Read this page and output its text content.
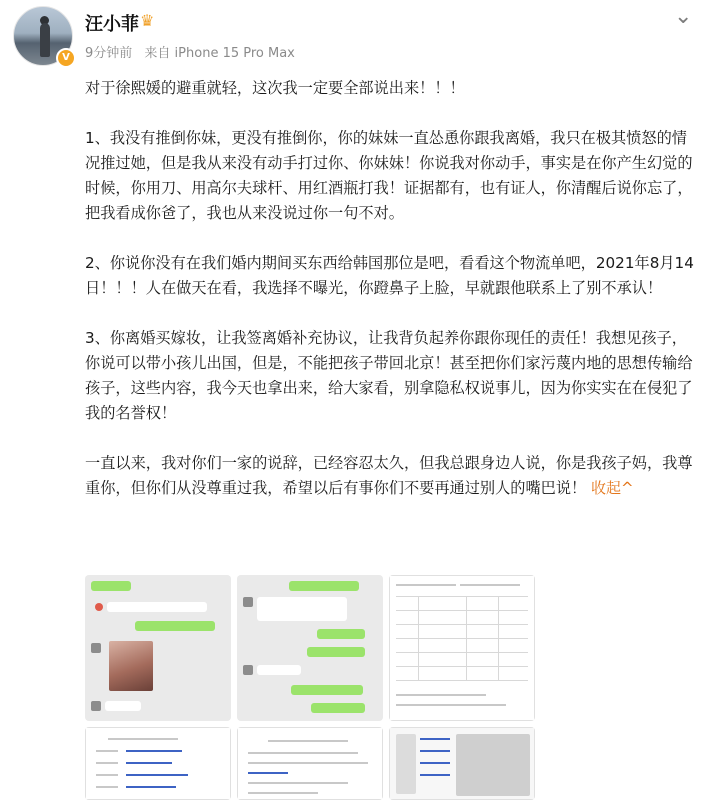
V
汪小菲 ♛
9分钟前 来自 iPhone 15 Pro Max
⌄

对于徐熙媛的避重就轻，这次我一定要全部说出来！！！

1、我没有推倒你妹，更没有推倒你，你的妹妹一直怂恿你跟我离婚，我只在极其愤怒的情况推过她，但是我从来没有动手打过你、你妹妹！你说我对你动手，事实是在你产生幻觉的时候，你用刀、用高尔夫球杆、用红酒瓶打我！证据都有，也有证人，你清醒后说你忘了，把我看成你爸了，我也从来没说过你一句不对。

2、你说你没有在我们婚内期间买东西给韩国那位是吧，看看这个物流单吧，2021年8月14日！！！人在做天在看，我选择不曝光，你蹬鼻子上脸，早就跟他联系上了别不承认！

3、你离婚买嫁妆，让我签离婚补充协议，让我背负起养你跟你现任的责任！我想见孩子，你说可以带小孩儿出国，但是，不能把孩子带回北京！甚至把你们家污蔑内地的思想传输给孩子，这些内容，我今天也拿出来，给大家看，别拿隐私权说事儿，因为你实实在在侵犯了我的名誉权！

一直以来，我对你们一家的说辞，已经容忍太久，但我总跟身边人说，你是我孩子妈，我尊重你，但你们从没尊重过我，希望以后有事你们不要再通过别人的嘴巴说！ 收起^
